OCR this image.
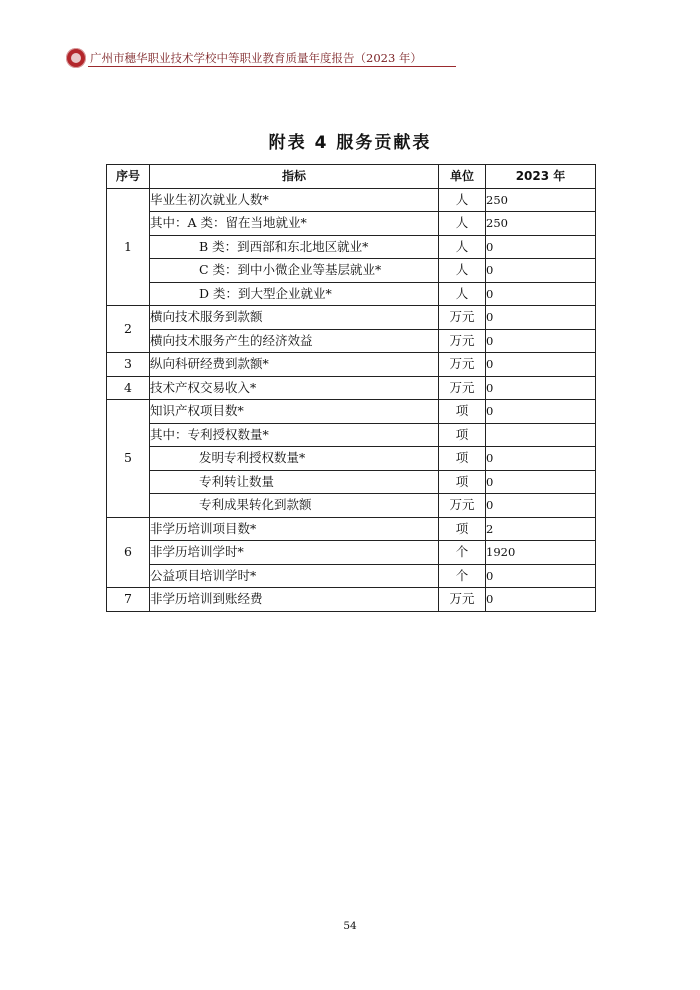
广州市穗华职业技术学校中等职业教育质量年度报告（2023 年）
附表 4 服务贡献表
序号	指标	单位	2023 年
1	毕业生初次就业人数*	人	250
	其中：A 类：留在当地就业*	人	250
	B 类：到西部和东北地区就业*	人	0
	C 类：到中小微企业等基层就业*	人	0
	D 类：到大型企业就业*	人	0
2	横向技术服务到款额	万元	0
	横向技术服务产生的经济效益	万元	0
3	纵向科研经费到款额*	万元	0
4	技术产权交易收入*	万元	0
5	知识产权项目数*	项	0
	其中：专利授权数量*	项	
	发明专利授权数量*	项	0
	专利转让数量	项	0
	专利成果转化到款额	万元	0
6	非学历培训项目数*	项	2
	非学历培训学时*	个	1920
	公益项目培训学时*	个	0
7	非学历培训到账经费	万元	0
54
